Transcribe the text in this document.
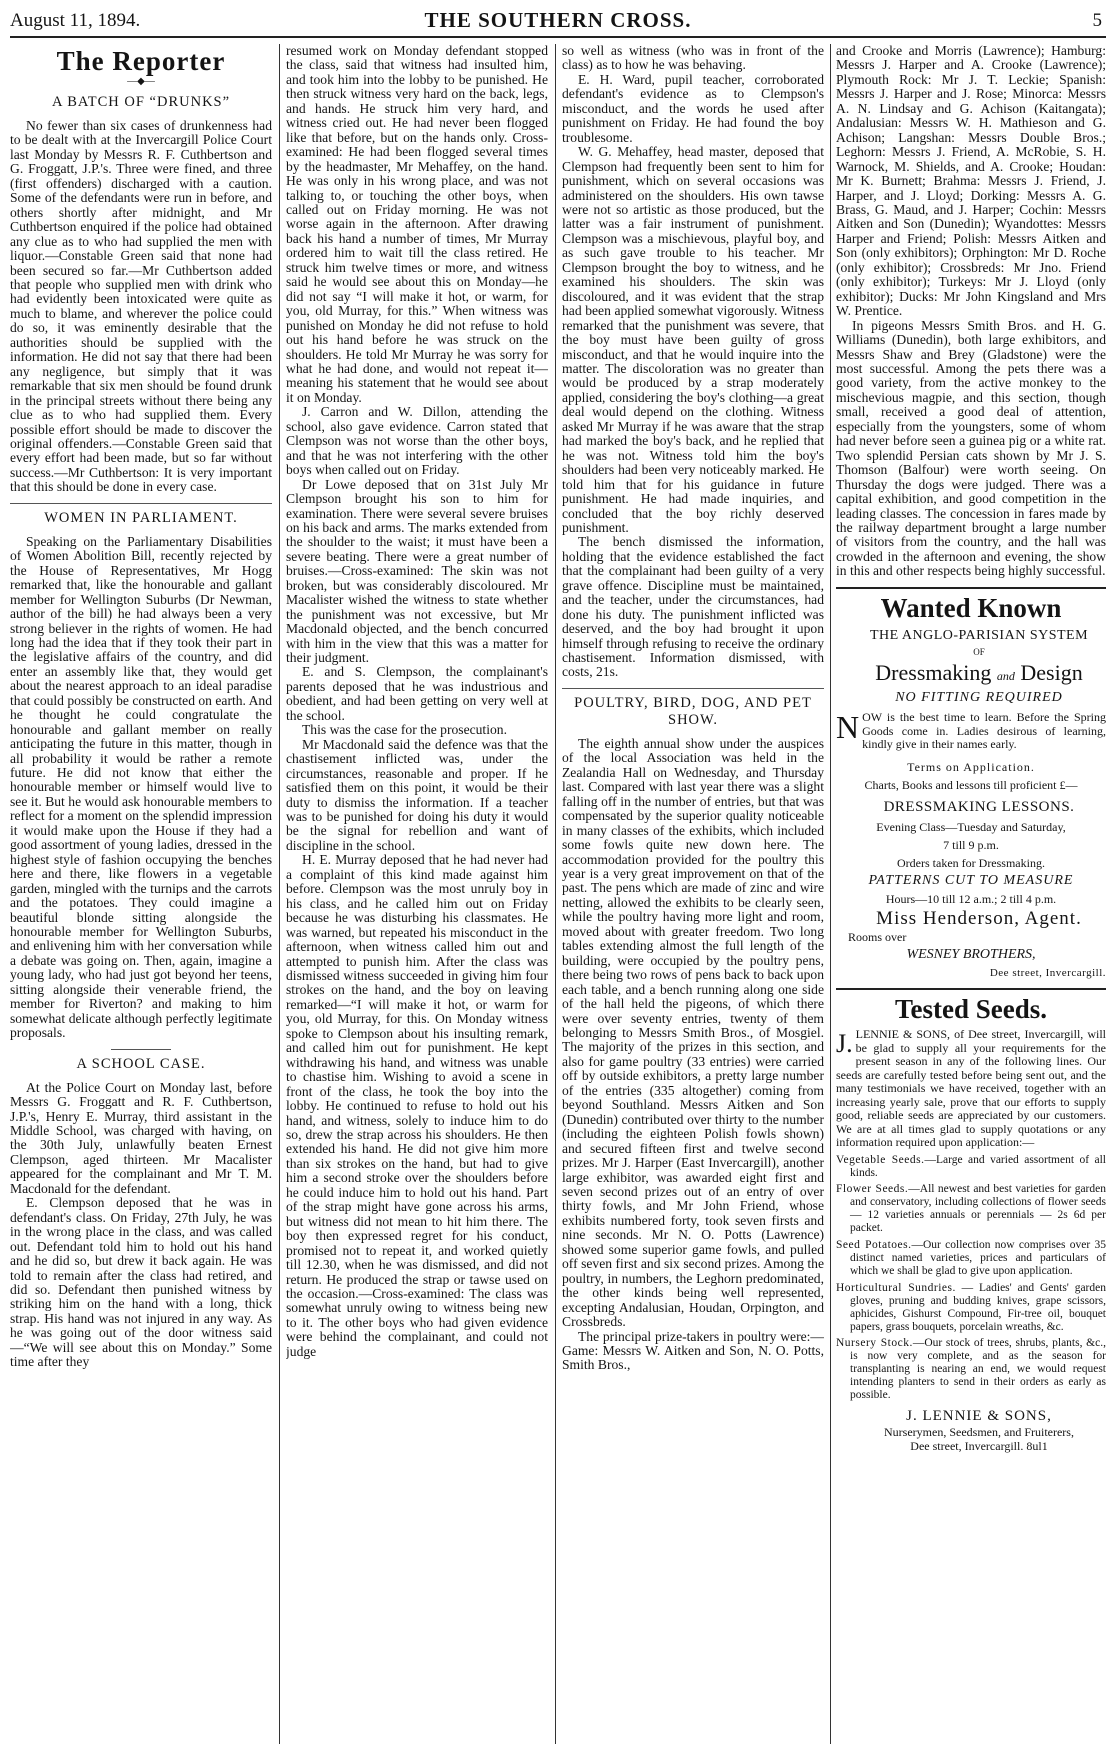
August 11, 1894.	THE SOUTHERN CROSS.	5
The Reporter
—◆—
A BATCH OF “DRUNKS”

No fewer than six cases of drunkenness had to be dealt with at the Invercargill Police Court last Monday by Messrs R. F. Cuthbertson and G. Froggatt, J.P.'s. Three were fined, and three (first offenders) discharged with a caution. Some of the defendants were run in before, and others shortly after midnight, and Mr Cuthbertson enquired if the police had obtained any clue as to who had supplied the men with liquor.—Constable Green said that none had been secured so far.—Mr Cuthbertson added that people who supplied men with drink who had evidently been intoxicated were quite as much to blame, and wherever the police could do so, it was eminently desirable that the authorities should be supplied with the information. He did not say that there had been any negligence, but simply that it was remarkable that six men should be found drunk in the principal streets without there being any clue as to who had supplied them. Every possible effort should be made to discover the original offenders.—Constable Green said that every effort had been made, but so far without success.—Mr Cuthbertson: It is very important that this should be done in every case.

WOMEN IN PARLIAMENT.

Speaking on the Parliamentary Disabilities of Women Abolition Bill, recently rejected by the House of Representatives, Mr Hogg remarked that, like the honourable and gallant member for Wellington Suburbs (Dr Newman, author of the bill) he had always been a very strong believer in the rights of women. He had long had the idea that if they took their part in the legislative affairs of the country, and did enter an assembly like that, they would get about the nearest approach to an ideal paradise that could possibly be constructed on earth. And he thought he could congratulate the honourable and gallant member on really anticipating the future in this matter, though in all probability it would be rather a remote future. He did not know that either the honourable member or himself would live to see it. But he would ask honourable members to reflect for a moment on the splendid impression it would make upon the House if they had a good assortment of young ladies, dressed in the highest style of fashion occupying the benches here and there, like flowers in a vegetable garden, mingled with the turnips and the carrots and the potatoes. They could imagine a beautiful blonde sitting alongside the honourable member for Wellington Suburbs, and enlivening him with her conversation while a debate was going on. Then, again, imagine a young lady, who had just got beyond her teens, sitting alongside their venerable friend, the member for Riverton? and making to him somewhat delicate although perfectly legitimate proposals.

A SCHOOL CASE.

At the Police Court on Monday last, before Messrs G. Froggatt and R. F. Cuthbertson, J.P.'s, Henry E. Murray, third assistant in the Middle School, was charged with having, on the 30th July, unlawfully beaten Ernest Clempson, aged thirteen. Mr Macalister appeared for the complainant and Mr T. M. Macdonald for the defendant.

E. Clempson deposed that he was in defendant's class. On Friday, 27th July, he was in the wrong place in the class, and was called out. Defendant told him to hold out his hand and he did so, but drew it back again. He was told to remain after the class had retired, and did so. Defendant then punished witness by striking him on the hand with a long, thick strap. His hand was not injured in any way. As he was going out of the door witness said—“We will see about this on Monday.” Some time after they

resumed work on Monday defendant stopped the class, said that witness had insulted him, and took him into the lobby to be punished. He then struck witness very hard on the back, legs, and hands. He struck him very hard, and witness cried out. He had never been flogged like that before, but on the hands only. Cross-examined: He had been flogged several times by the headmaster, Mr Mehaffey, on the hand. He was only in his wrong place, and was not talking to, or touching the other boys, when called out on Friday morning. He was not worse again in the afternoon. After drawing back his hand a number of times, Mr Murray ordered him to wait till the class retired. He struck him twelve times or more, and witness said he would see about this on Monday—he did not say “I will make it hot, or warm, for you, old Murray, for this.” When witness was punished on Monday he did not refuse to hold out his hand before he was struck on the shoulders. He told Mr Murray he was sorry for what he had done, and would not repeat it—meaning his statement that he would see about it on Monday.

J. Carron and W. Dillon, attending the school, also gave evidence. Carron stated that Clempson was not worse than the other boys, and that he was not interfering with the other boys when called out on Friday.

Dr Lowe deposed that on 31st July Mr Clempson brought his son to him for examination. There were several severe bruises on his back and arms. The marks extended from the shoulder to the waist; it must have been a severe beating. There were a great number of bruises.—Cross-examined: The skin was not broken, but was considerably discoloured. Mr Macalister wished the witness to state whether the punishment was not excessive, but Mr Macdonald objected, and the bench concurred with him in the view that this was a matter for their judgment.

E. and S. Clempson, the complainant's parents deposed that he was industrious and obedient, and had been getting on very well at the school.

This was the case for the prosecution.

Mr Macdonald said the defence was that the chastisement inflicted was, under the circumstances, reasonable and proper. If he satisfied them on this point, it would be their duty to dismiss the information. If a teacher was to be punished for doing his duty it would be the signal for rebellion and want of discipline in the school.

H. E. Murray deposed that he had never had a complaint of this kind made against him before. Clempson was the most unruly boy in his class, and he called him out on Friday because he was disturbing his classmates. He was warned, but repeated his misconduct in the afternoon, when witness called him out and attempted to punish him. After the class was dismissed witness succeeded in giving him four strokes on the hand, and the boy on leaving remarked—“I will make it hot, or warm for you, old Murray, for this. On Monday witness spoke to Clempson about his insulting remark, and called him out for punishment. He kept withdrawing his hand, and witness was unable to chastise him. Wishing to avoid a scene in front of the class, he took the boy into the lobby. He continued to refuse to hold out his hand, and witness, solely to induce him to do so, drew the strap across his shoulders. He then extended his hand. He did not give him more than six strokes on the hand, but had to give him a second stroke over the shoulders before he could induce him to hold out his hand. Part of the strap might have gone across his arms, but witness did not mean to hit him there. The boy then expressed regret for his conduct, promised not to repeat it, and worked quietly till 12.30, when he was dismissed, and did not return. He produced the strap or tawse used on the occasion.—Cross-examined: The class was somewhat unruly owing to witness being new to it. The other boys who had given evidence were behind the complainant, and could not judge

so well as witness (who was in front of the class) as to how he was behaving.

E. H. Ward, pupil teacher, corroborated defendant's evidence as to Clempson's misconduct, and the words he used after punishment on Friday. He had found the boy troublesome.

W. G. Mehaffey, head master, deposed that Clempson had frequently been sent to him for punishment, which on several occasions was administered on the shoulders. His own tawse were not so artistic as those produced, but the latter was a fair instrument of punishment. Clempson was a mischievous, playful boy, and as such gave trouble to his teacher. Mr Clempson brought the boy to witness, and he examined his shoulders. The skin was discoloured, and it was evident that the strap had been applied somewhat vigorously. Witness remarked that the punishment was severe, that the boy must have been guilty of gross misconduct, and that he would inquire into the matter. The discoloration was no greater than would be produced by a strap moderately applied, considering the boy's clothing—a great deal would depend on the clothing. Witness asked Mr Murray if he was aware that the strap had marked the boy's back, and he replied that he was not. Witness told him the boy's shoulders had been very noticeably marked. He told him that for his guidance in future punishment. He had made inquiries, and concluded that the boy richly deserved punishment.

The bench dismissed the information, holding that the evidence established the fact that the complainant had been guilty of a very grave offence. Discipline must be maintained, and the teacher, under the circumstances, had done his duty. The punishment inflicted was deserved, and the boy had brought it upon himself through refusing to receive the ordinary chastisement. Information dismissed, with costs, 21s.

POULTRY, BIRD, DOG, AND PET SHOW.

The eighth annual show under the auspices of the local Association was held in the Zealandia Hall on Wednesday, and Thursday last. Compared with last year there was a slight falling off in the number of entries, but that was compensated by the superior quality noticeable in many classes of the exhibits, which included some fowls quite new down here. The accommodation provided for the poultry this year is a very great improvement on that of the past. The pens which are made of zinc and wire netting, allowed the exhibits to be clearly seen, while the poultry having more light and room, moved about with greater freedom. Two long tables extending almost the full length of the building, were occupied by the poultry pens, there being two rows of pens back to back upon each table, and a bench running along one side of the hall held the pigeons, of which there were over seventy entries, twenty of them belonging to Messrs Smith Bros., of Mosgiel. The majority of the prizes in this section, and also for game poultry (33 entries) were carried off by outside exhibitors, a pretty large number of the entries (335 altogether) coming from beyond Southland. Messrs Aitken and Son (Dunedin) contributed over thirty to the number (including the eighteen Polish fowls shown) and secured fifteen first and twelve second prizes. Mr J. Harper (East Invercargill), another large exhibitor, was awarded eight first and seven second prizes out of an entry of over thirty fowls, and Mr John Friend, whose exhibits numbered forty, took seven firsts and nine seconds. Mr N. O. Potts (Lawrence) showed some superior game fowls, and pulled off seven first and six second prizes. Among the poultry, in numbers, the Leghorn predominated, the other kinds being well represented, excepting Andalusian, Houdan, Orpington, and Crossbreds.

The principal prize-takers in poultry were:—Game: Messrs W. Aitken and Son, N. O. Potts, Smith Bros.,

and Crooke and Morris (Lawrence); Hamburg: Messrs J. Harper and A. Crooke (Lawrence); Plymouth Rock: Mr J. T. Leckie; Spanish: Messrs J. Harper and J. Rose; Minorca: Messrs A. N. Lindsay and G. Achison (Kaitangata); Andalusian: Messrs W. H. Mathieson and G. Achison; Langshan: Messrs Double Bros.; Leghorn: Messrs J. Friend, A. McRobie, S. H. Warnock, M. Shields, and A. Crooke; Houdan: Mr K. Burnett; Brahma: Messrs J. Friend, J. Harper, and J. Lloyd; Dorking: Messrs A. G. Brass, G. Maud, and J. Harper; Cochin: Messrs Aitken and Son (Dunedin); Wyandottes: Messrs Harper and Friend; Polish: Messrs Aitken and Son (only exhibitors); Orphington: Mr D. Roche (only exhibitor); Crossbreds: Mr Jno. Friend (only exhibitor); Turkeys: Mr J. Lloyd (only exhibitor); Ducks: Mr John Kingsland and Mrs W. Prentice.

In pigeons Messrs Smith Bros. and H. G. Williams (Dunedin), both large exhibitors, and Messrs Shaw and Brey (Gladstone) were the most successful. Among the pets there was a good variety, from the active monkey to the mischevious magpie, and this section, though small, received a good deal of attention, especially from the youngsters, some of whom had never before seen a guinea pig or a white rat. Two splendid Persian cats shown by Mr J. S. Thomson (Balfour) were worth seeing. On Thursday the dogs were judged. There was a capital exhibition, and good competition in the leading classes. The concession in fares made by the railway department brought a large number of visitors from the country, and the hall was crowded in the afternoon and evening, the show in this and other respects being highly successful.

Wanted Known

THE ANGLO-PARISIAN SYSTEM

OF

Dressmaking and Design

NO FITTING REQUIRED

NOW is the best time to learn. Before the Spring Goods come in. Ladies desirous of learning, kindly give in their names early.

Terms on Application.

Charts, Books and lessons till proficient £—

DRESSMAKING LESSONS.

Evening Class—Tuesday and Saturday,

7 till 9 p.m.

Orders taken for Dressmaking.

PATTERNS CUT TO MEASURE

Hours—10 till 12 a.m.; 2 till 4 p.m.

Miss Henderson, Agent.

Rooms over

WESNEY BROTHERS,

Dee street, Invercargill.

Tested Seeds.

J. LENNIE & SONS, of Dee street, Invercargill, will be glad to supply all your requirements for the present season in any of the following lines. Our seeds are carefully tested before being sent out, and the many testimonials we have received, together with an increasing yearly sale, prove that our efforts to supply good, reliable seeds are appreciated by our customers. We are at all times glad to supply quotations or any information required upon application:—

Vegetable Seeds.—Large and varied assortment of all kinds.

Flower Seeds.—All newest and best varieties for garden and conservatory, including collections of flower seeds — 12 varieties annuals or perennials — 2s 6d per packet.

Seed Potatoes.—Our collection now comprises over 35 distinct named varieties, prices and particulars of which we shall be glad to give upon application.

Horticultural Sundries. — Ladies' and Gents' garden gloves, pruning and budding knives, grape scissors, aphicides, Gishurst Compound, Fir-tree oil, bouquet papers, grass bouquets, porcelain wreaths, &c.

Nursery Stock.—Our stock of trees, shrubs, plants, &c., is now very complete, and as the season for transplanting is nearing an end, we would request intending planters to send in their orders as early as possible.

J. LENNIE & SONS,

Nurserymen, Seedsmen, and Fruiterers,

Dee street, Invercargill. 8ul1
